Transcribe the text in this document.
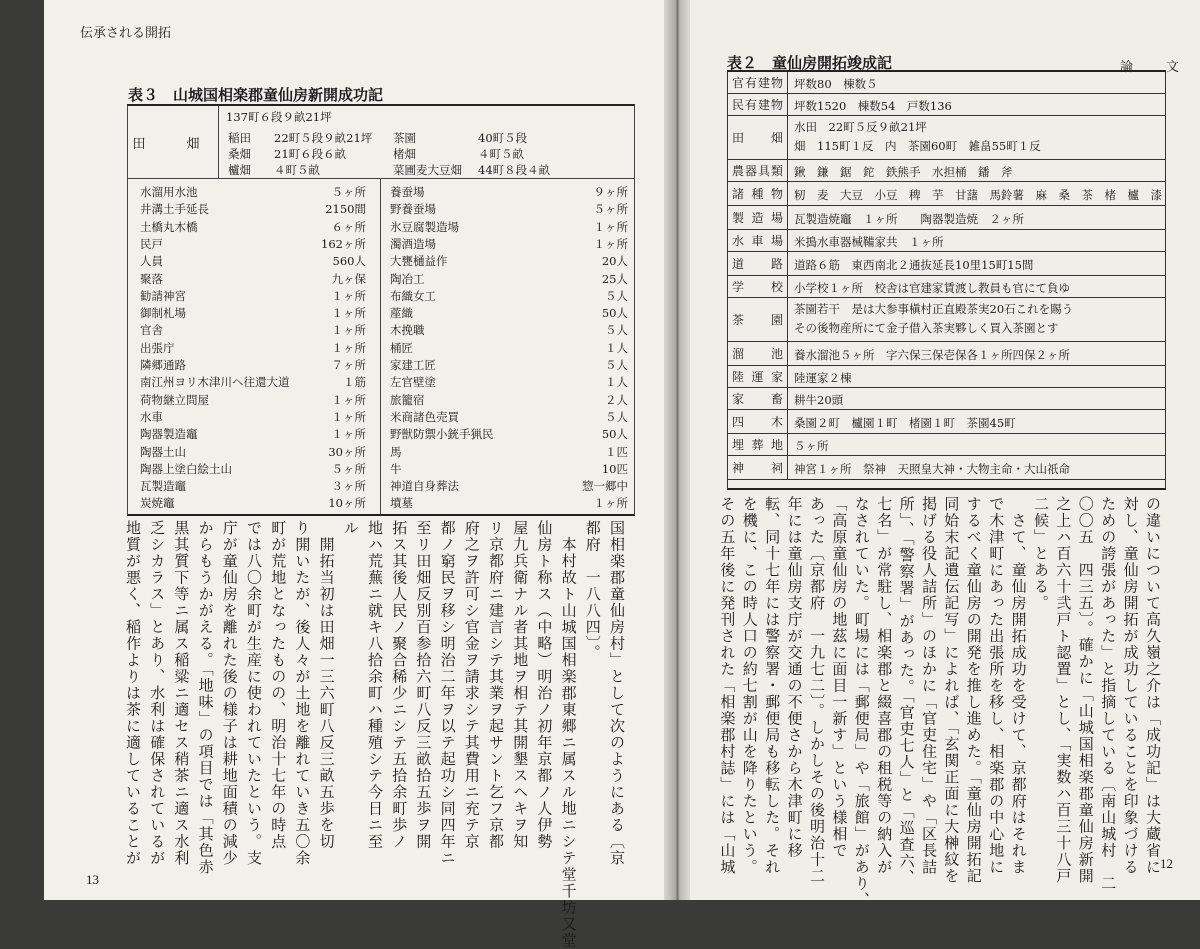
伝承される開拓
表３　山城国相楽郡童仙房新開成功記
田　畑
137町６段９畝21坪
稲田 22町５段９畝21坪 茶園	40町５段
桑畑 21町６段６畝	楮畑	４町５畝
櫨畑 ４町５畝	菜圃麦大豆畑 44町８段４畝
水溜用水池	５ヶ所
井溝土手延長	2150間
土橋丸木橋	６ヶ所
民戸	162ヶ所
人員	560人
聚落	九ヶ保
勧請神宮	１ヶ所
御制札場	１ヶ所
官舎	１ヶ所
出張庁	１ヶ所
隣郷通路	７ヶ所
南江州ヨリ木津川ヘ往還大道	１筋
荷物継立問屋	１ヶ所
水車	１ヶ所
陶器製造竈	１ヶ所
陶器土山	30ヶ所
陶器上塗白絵土山	５ヶ所
瓦製造竈	３ヶ所
炭焼竈	10ヶ所
養蚕場	９ヶ所
野養蚕場	５ヶ所
氷豆腐製造場	１ヶ所
濁酒造場	１ヶ所
大甕樋益作	20人
陶冶工	25人
布織女工	５人
蓙織	50人
木挽職	５人
桶匠	１人
家建工匠	５人
左官壁塗	１人
旅籠宿	２人
米商諸色売買	５人
野獣防禦小銃手猟民	50人
馬	１匹
牛	10匹
神道自身葬法	惣一郷中
墳墓	１ヶ所
国相楽郡童仙房村」として次のようにある〔京
都府　一八八四〕。
　本村故ト山城国相楽郡東郷ニ属スル地ニシテ堂千坊又堂
仙房ト称ス（中略）明治ノ初年京都ノ人伊勢
屋九兵衛ナル者其地ヲ相テ其開墾スヘキヲ知
リ京都府ニ建言シテ其業ヲ起サント乞フ京都
府之ヲ許可シ官金ヲ請求シテ其費用ニ充テ京
都ノ窮民ヲ移シ明治二年ヲ以テ起功シ同四年ニ
至リ田畑反別百参拾六町八反三畝拾五歩ヲ開
拓ス其後人民ノ聚合稀少ニシテ五拾余町歩ノ
地ハ荒蕪ニ就キ八拾余町ハ種殖シテ今日ニ至
ル
　開拓当初は田畑一三六町八反三畝五歩を切
り開いたが、後人々が土地を離れていき五〇余
町が荒地となったものの、明治十七年の時点
では八〇余町が生産に使われていたという。支
庁が童仙房を離れた後の様子は耕地面積の減少
からもうかがえる。「地味」の項目では「其色赤
黒其質下等ニ属ス稲粱ニ適セス稍茶ニ適ス水利
乏シカラス」とあり、水利は確保されているが
地質が悪く、稲作よりは茶に適していることが
13
論　文
表２　童仙房開拓竣成記
官有建物 坪数80　棟数５
民有建物 坪数1520　棟数54　戸数136
田　　畑
水田　22町５反９畝21坪
畑　115町１反　内　茶園60町　雑畠55町１反
農器具類 鍬　鎌　鋸　鉈　鉄熊手　水担桶　鐇　斧
諸種物 籾　麦　大豆　小豆　稗　芋　甘藷　馬鈴薯　麻　桑　茶　楮　櫨　漆
製造場 瓦製造焼竈　１ヶ所　　陶器製造焼　２ヶ所
水車場 米搗水車器械鞴家共　１ヶ所
道　　路 道路６筋　東西南北２通抜延長10里15町15間
学　　校 小学校１ヶ所　校舎は官建家賃渡し教員も官にて負ゆ
茶　　園
茶園若干　是は大参事槇村正直殿茶実20石これを賜う
その後物産所にて金子借入茶実夥しく買入茶園とす
溜　　池 養水溜池５ヶ所　字六保三保壱保各１ヶ所四保２ヶ所
陸運家 陸運家２棟
家　　畜 耕牛20頭
四　　木 桑園２町　櫨園１町　楮園１町　茶園45町
埋葬地 ５ヶ所
神　　祠 神宮１ヶ所　祭神　天照皇大神・大物主命・大山祇命
の違いについて高久嶺之介は「成功記」は大蔵省に
対し、童仙房開拓が成功していることを印象づける
ための誇張があった」と指摘している〔南山城村　二
〇〇五　四三五〕。確かに「山城国相楽郡童仙房新開
之上ハ百六十弐戸ト認置」とし、「実数ハ百三十八戸
二候」とある。
　さて、童仙房開拓成功を受けて、京都府はそれま
で木津町にあった出張所を移し、相楽郡の中心地に
するべく童仙房の開発を推し進めた。「童仙房開拓記
同姶末記遺伝記写」によれば、「玄関正面に大榊紋を
掲げる役人詰所」のほかに「官吏住宅」や「区長詰
所」、「警察署」があった。「官吏七人」と「巡査六、
七名」が常駐し、相楽郡と綴喜郡の租税等の納入が
なされていた。町場には「郵便局」や「旅館」があり、
「高原童仙房の地茲に面目一新す」という様相で
あった〔京都府　一九七二〕。しかしその後明治十二
年には童仙房支庁が交通の不便さから木津町に移
転、同十七年には警察署・郵便局も移転した。それ
を機に、この時人口の約七割が山を降りたという。
その五年後に発刊された「相楽郡村誌」には「山城	12
